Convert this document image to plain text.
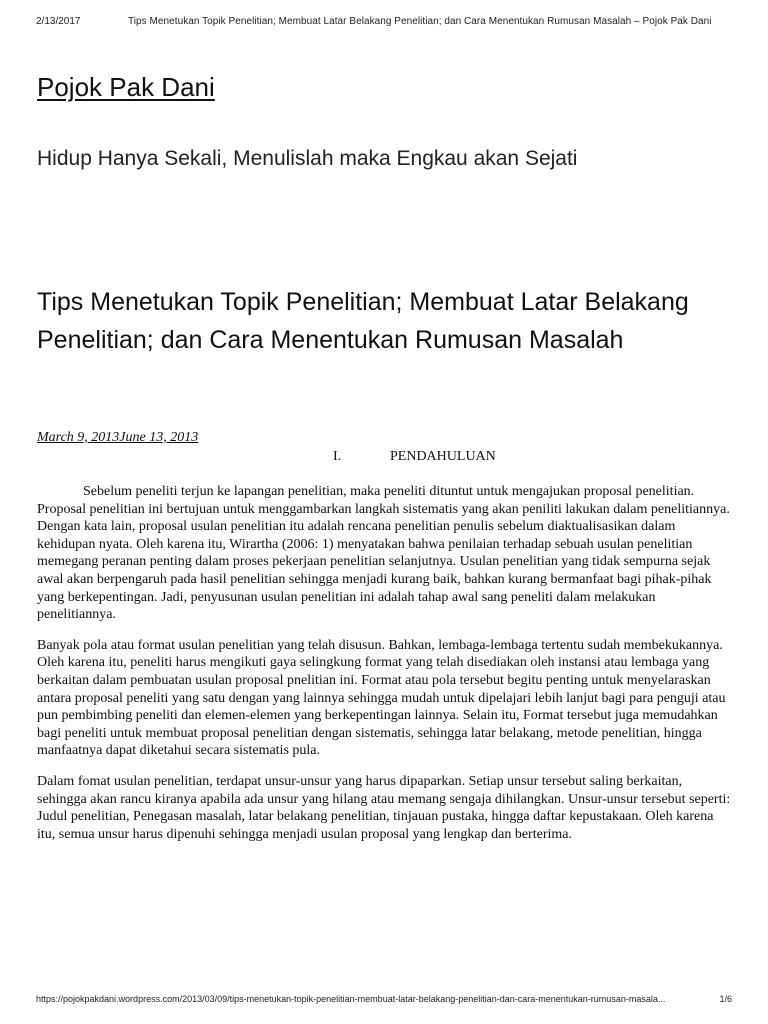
2/13/2017	Tips Menetukan Topik Penelitian; Membuat Latar Belakang Penelitian; dan Cara Menentukan Rumusan Masalah – Pojok Pak Dani
Pojok Pak Dani
Hidup Hanya Sekali, Menulislah maka Engkau akan Sejati
Tips Menetukan Topik Penelitian; Membuat Latar Belakang Penelitian; dan Cara Menentukan Rumusan Masalah
March 9, 2013June 13, 2013
I.	PENDAHULUAN

Sebelum peneliti terjun ke lapangan penelitian, maka peneliti dituntut untuk mengajukan proposal penelitian. Proposal penelitian ini bertujuan untuk menggambarkan langkah sistematis yang akan peniliti lakukan dalam penelitiannya. Dengan kata lain, proposal usulan penelitian itu adalah rencana penelitian penulis sebelum diaktualisasikan dalam kehidupan nyata. Oleh karena itu, Wirartha (2006: 1) menyatakan bahwa penilaian terhadap sebuah usulan penelitian memegang peranan penting dalam proses pekerjaan penelitian selanjutnya. Usulan penelitian yang tidak sempurna sejak awal akan berpengaruh pada hasil penelitian sehingga menjadi kurang baik, bahkan kurang bermanfaat bagi pihak-pihak yang berkepentingan. Jadi, penyusunan usulan penelitian ini adalah tahap awal sang peneliti dalam melakukan penelitiannya.

Banyak pola atau format usulan penelitian yang telah disusun. Bahkan, lembaga-lembaga tertentu sudah membekukannya. Oleh karena itu, peneliti harus mengikuti gaya selingkung format yang telah disediakan oleh instansi atau lembaga yang berkaitan dalam pembuatan usulan proposal pnelitian ini. Format atau pola tersebut begitu penting untuk menyelaraskan antara proposal peneliti yang satu dengan yang lainnya sehingga mudah untuk dipelajari lebih lanjut bagi para penguji atau pun pembimbing peneliti dan elemen-elemen yang berkepentingan lainnya. Selain itu, Format tersebut juga memudahkan bagi peneliti untuk membuat proposal penelitian dengan sistematis, sehingga latar belakang, metode penelitian, hingga manfaatnya dapat diketahui secara sistematis pula.

Dalam fomat usulan penelitian, terdapat unsur-unsur yang harus dipaparkan. Setiap unsur tersebut saling berkaitan, sehingga akan rancu kiranya apabila ada unsur yang hilang atau memang sengaja dihilangkan. Unsur-unsur tersebut seperti: Judul penelitian, Penegasan masalah, latar belakang penelitian, tinjauan pustaka, hingga daftar kepustakaan. Oleh karena itu, semua unsur harus dipenuhi sehingga menjadi usulan proposal yang lengkap dan berterima.

https://pojokpakdani.wordpress.com/2013/03/09/tips-menetukan-topik-penelitian-membuat-latar-belakang-penelitian-dan-cara-menentukan-rumusan-masala...	1/6
